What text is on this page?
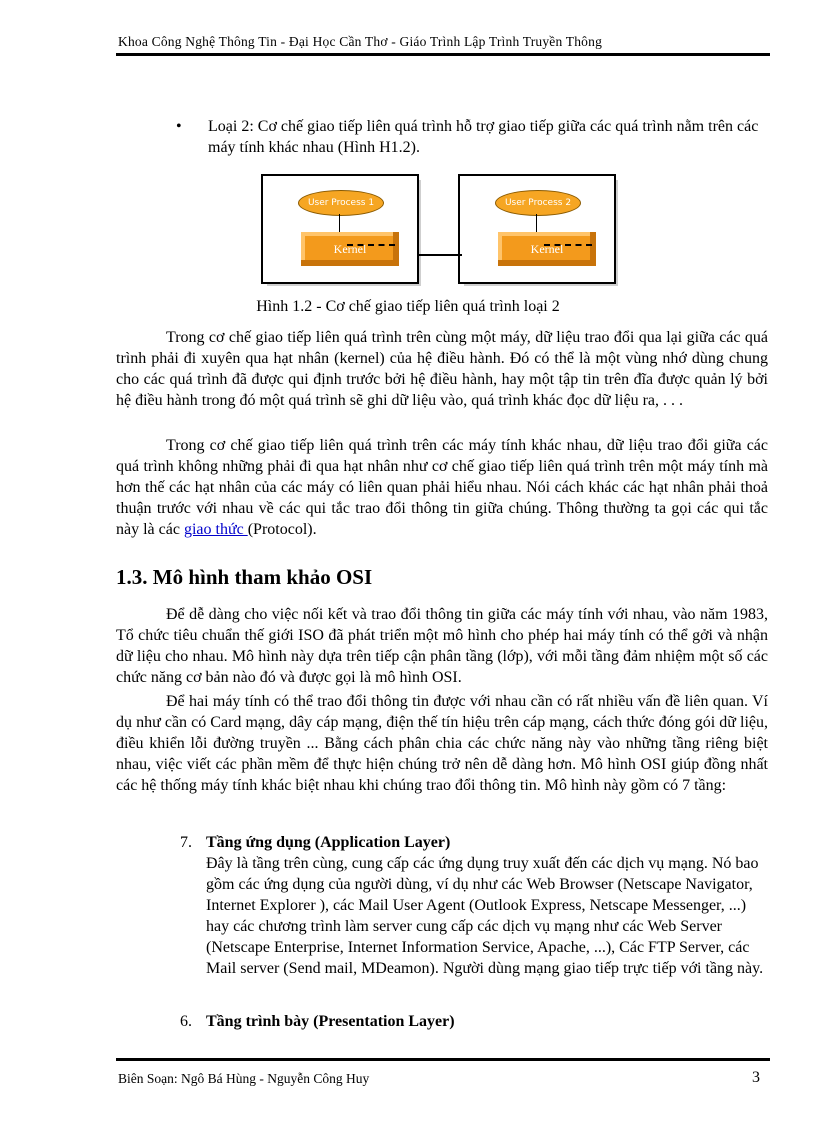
Khoa Công Nghệ Thông Tin - Đại Học Cần Thơ - Giáo Trình Lập Trình Truyền Thông
• Loại 2: Cơ chế giao tiếp liên quá trình hỗ trợ giao tiếp giữa các quá trình nằm trên các máy tính khác nhau (Hình H1.2).
User Process 1
Kernel
User Process 2
Kernel
Hình 1.2 - Cơ chế giao tiếp liên quá trình loại 2
Trong cơ chế giao tiếp liên quá trình trên cùng một máy, dữ liệu trao đổi qua lại giữa các quá trình phải đi xuyên qua hạt nhân (kernel) của hệ điều hành. Đó có thể là một vùng nhớ dùng chung cho các quá trình đã được qui định trước bởi hệ điều hành, hay một tập tin trên đĩa được quản lý bởi hệ điều hành trong đó một quá trình sẽ ghi dữ liệu vào, quá trình khác đọc dữ liệu ra, . . .
Trong cơ chế giao tiếp liên quá trình trên các máy tính khác nhau, dữ liệu trao đổi giữa các quá trình không những phải đi qua hạt nhân như cơ chế giao tiếp liên quá trình trên một máy tính mà hơn thế các hạt nhân của các máy có liên quan phải hiểu nhau. Nói cách khác các hạt nhân phải thoả thuận trước với nhau về các qui tắc trao đổi thông tin giữa chúng. Thông thường ta gọi các qui tắc này là các giao thức (Protocol).
1.3. Mô hình tham khảo OSI
Để dễ dàng cho việc nối kết và trao đổi thông tin giữa các máy tính với nhau, vào năm 1983, Tổ chức tiêu chuẩn thế giới ISO đã phát triển một mô hình cho phép hai máy tính có thể gởi và nhận dữ liệu cho nhau. Mô hình này dựa trên tiếp cận phân tầng (lớp), với mỗi tầng đảm nhiệm một số các chức năng cơ bản nào đó và được gọi là mô hình OSI.
Để hai máy tính có thể trao đổi thông tin được với nhau cần có rất nhiều vấn đề liên quan. Ví dụ như cần có Card mạng, dây cáp mạng, điện thế tín hiệu trên cáp mạng, cách thức đóng gói dữ liệu, điều khiển lỗi đường truyền ... Bằng cách phân chia các chức năng này vào những tầng riêng biệt nhau, việc viết các phần mềm để thực hiện chúng trở nên dễ dàng hơn. Mô hình OSI giúp đồng nhất các hệ thống máy tính khác biệt nhau khi chúng trao đổi thông tin. Mô hình này gồm có 7 tầng:
7. Tầng ứng dụng (Application Layer)
Đây là tầng trên cùng, cung cấp các ứng dụng truy xuất đến các dịch vụ mạng. Nó bao gồm các ứng dụng của người dùng, ví dụ như các Web Browser (Netscape Navigator, Internet Explorer ), các Mail User Agent (Outlook Express, Netscape Messenger, ...) hay các chương trình làm server cung cấp các dịch vụ mạng như các Web Server (Netscape Enterprise, Internet Information Service, Apache, ...), Các FTP Server, các Mail server (Send mail, MDeamon). Người dùng mạng giao tiếp trực tiếp với tầng này.
6. Tầng trình bày (Presentation Layer)
Biên Soạn: Ngô Bá Hùng - Nguyễn Công Huy	3
